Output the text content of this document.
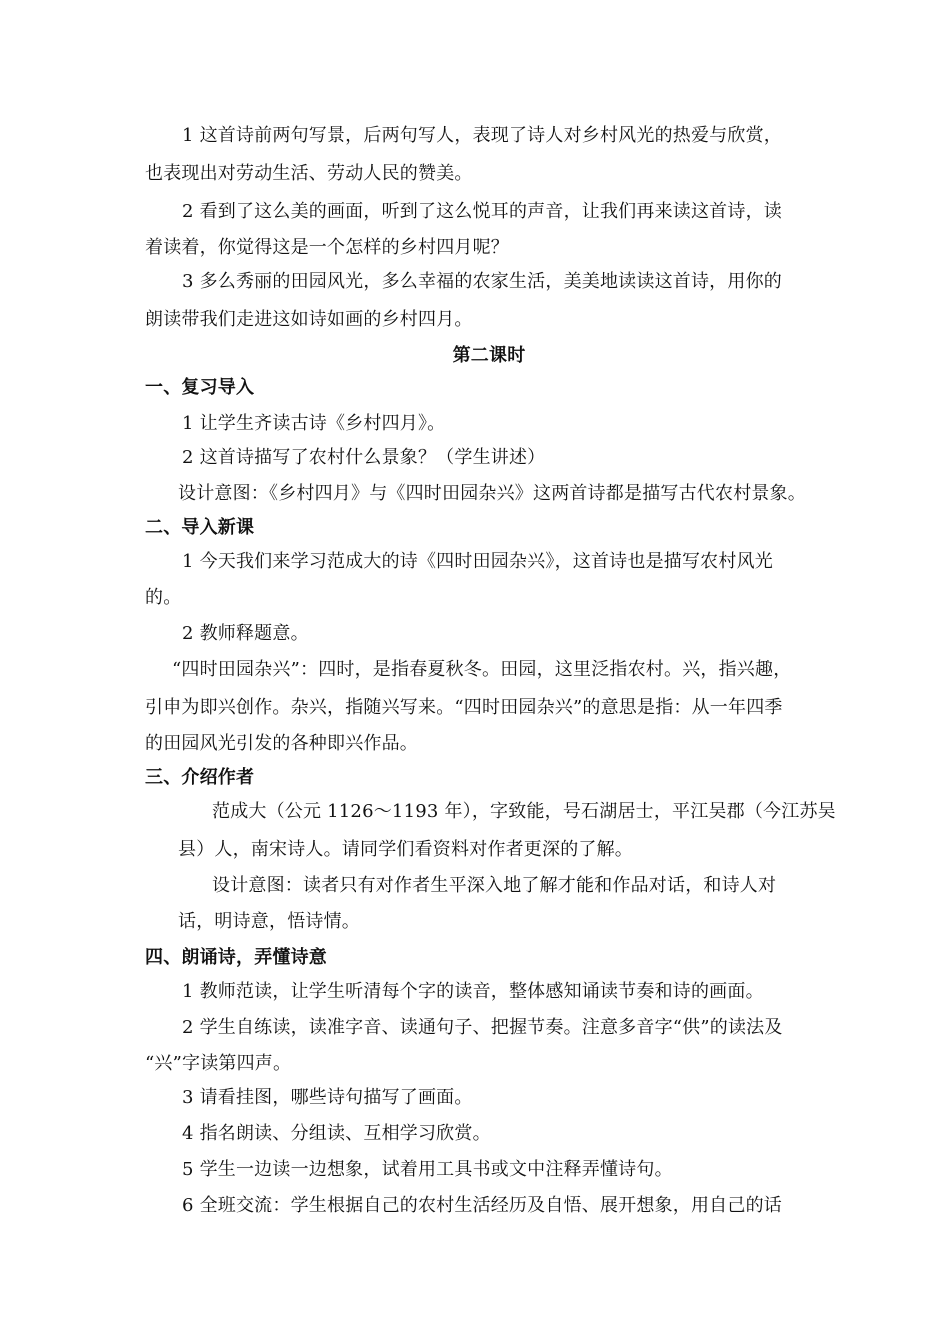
1 这首诗前两句写景，后两句写人，表现了诗人对乡村风光的热爱与欣赏，
也表现出对劳动生活、劳动人民的赞美。
2 看到了这么美的画面，听到了这么悦耳的声音，让我们再来读这首诗，读
着读着，你觉得这是一个怎样的乡村四月呢？
3 多么秀丽的田园风光，多么幸福的农家生活，美美地读读这首诗，用你的
朗读带我们走进这如诗如画的乡村四月。
第二课时
一、复习导入
1 让学生齐读古诗《乡村四月》。
2 这首诗描写了农村什么景象？（学生讲述）
设计意图：《乡村四月》与《四时田园杂兴》这两首诗都是描写古代农村景象。
二、导入新课
1 今天我们来学习范成大的诗《四时田园杂兴》，这首诗也是描写农村风光
的。
2 教师释题意。
“四时田园杂兴”：四时，是指春夏秋冬。田园，这里泛指农村。兴，指兴趣，
引申为即兴创作。杂兴，指随兴写来。“四时田园杂兴”的意思是指：从一年四季
的田园风光引发的各种即兴作品。
三、介绍作者
范成大（公元 1126～1193 年），字致能，号石湖居士，平江吴郡（今江苏吴
县）人，南宋诗人。请同学们看资料对作者更深的了解。
设计意图：读者只有对作者生平深入地了解才能和作品对话，和诗人对
话，明诗意，悟诗情。
四、朗诵诗，弄懂诗意
1 教师范读，让学生听清每个字的读音，整体感知诵读节奏和诗的画面。
2 学生自练读，读准字音、读通句子、把握节奏。注意多音字“供”的读法及
“兴”字读第四声。
3 请看挂图，哪些诗句描写了画面。
4 指名朗读、分组读、互相学习欣赏。
5 学生一边读一边想象，试着用工具书或文中注释弄懂诗句。
6 全班交流：学生根据自己的农村生活经历及自悟、展开想象，用自己的话
